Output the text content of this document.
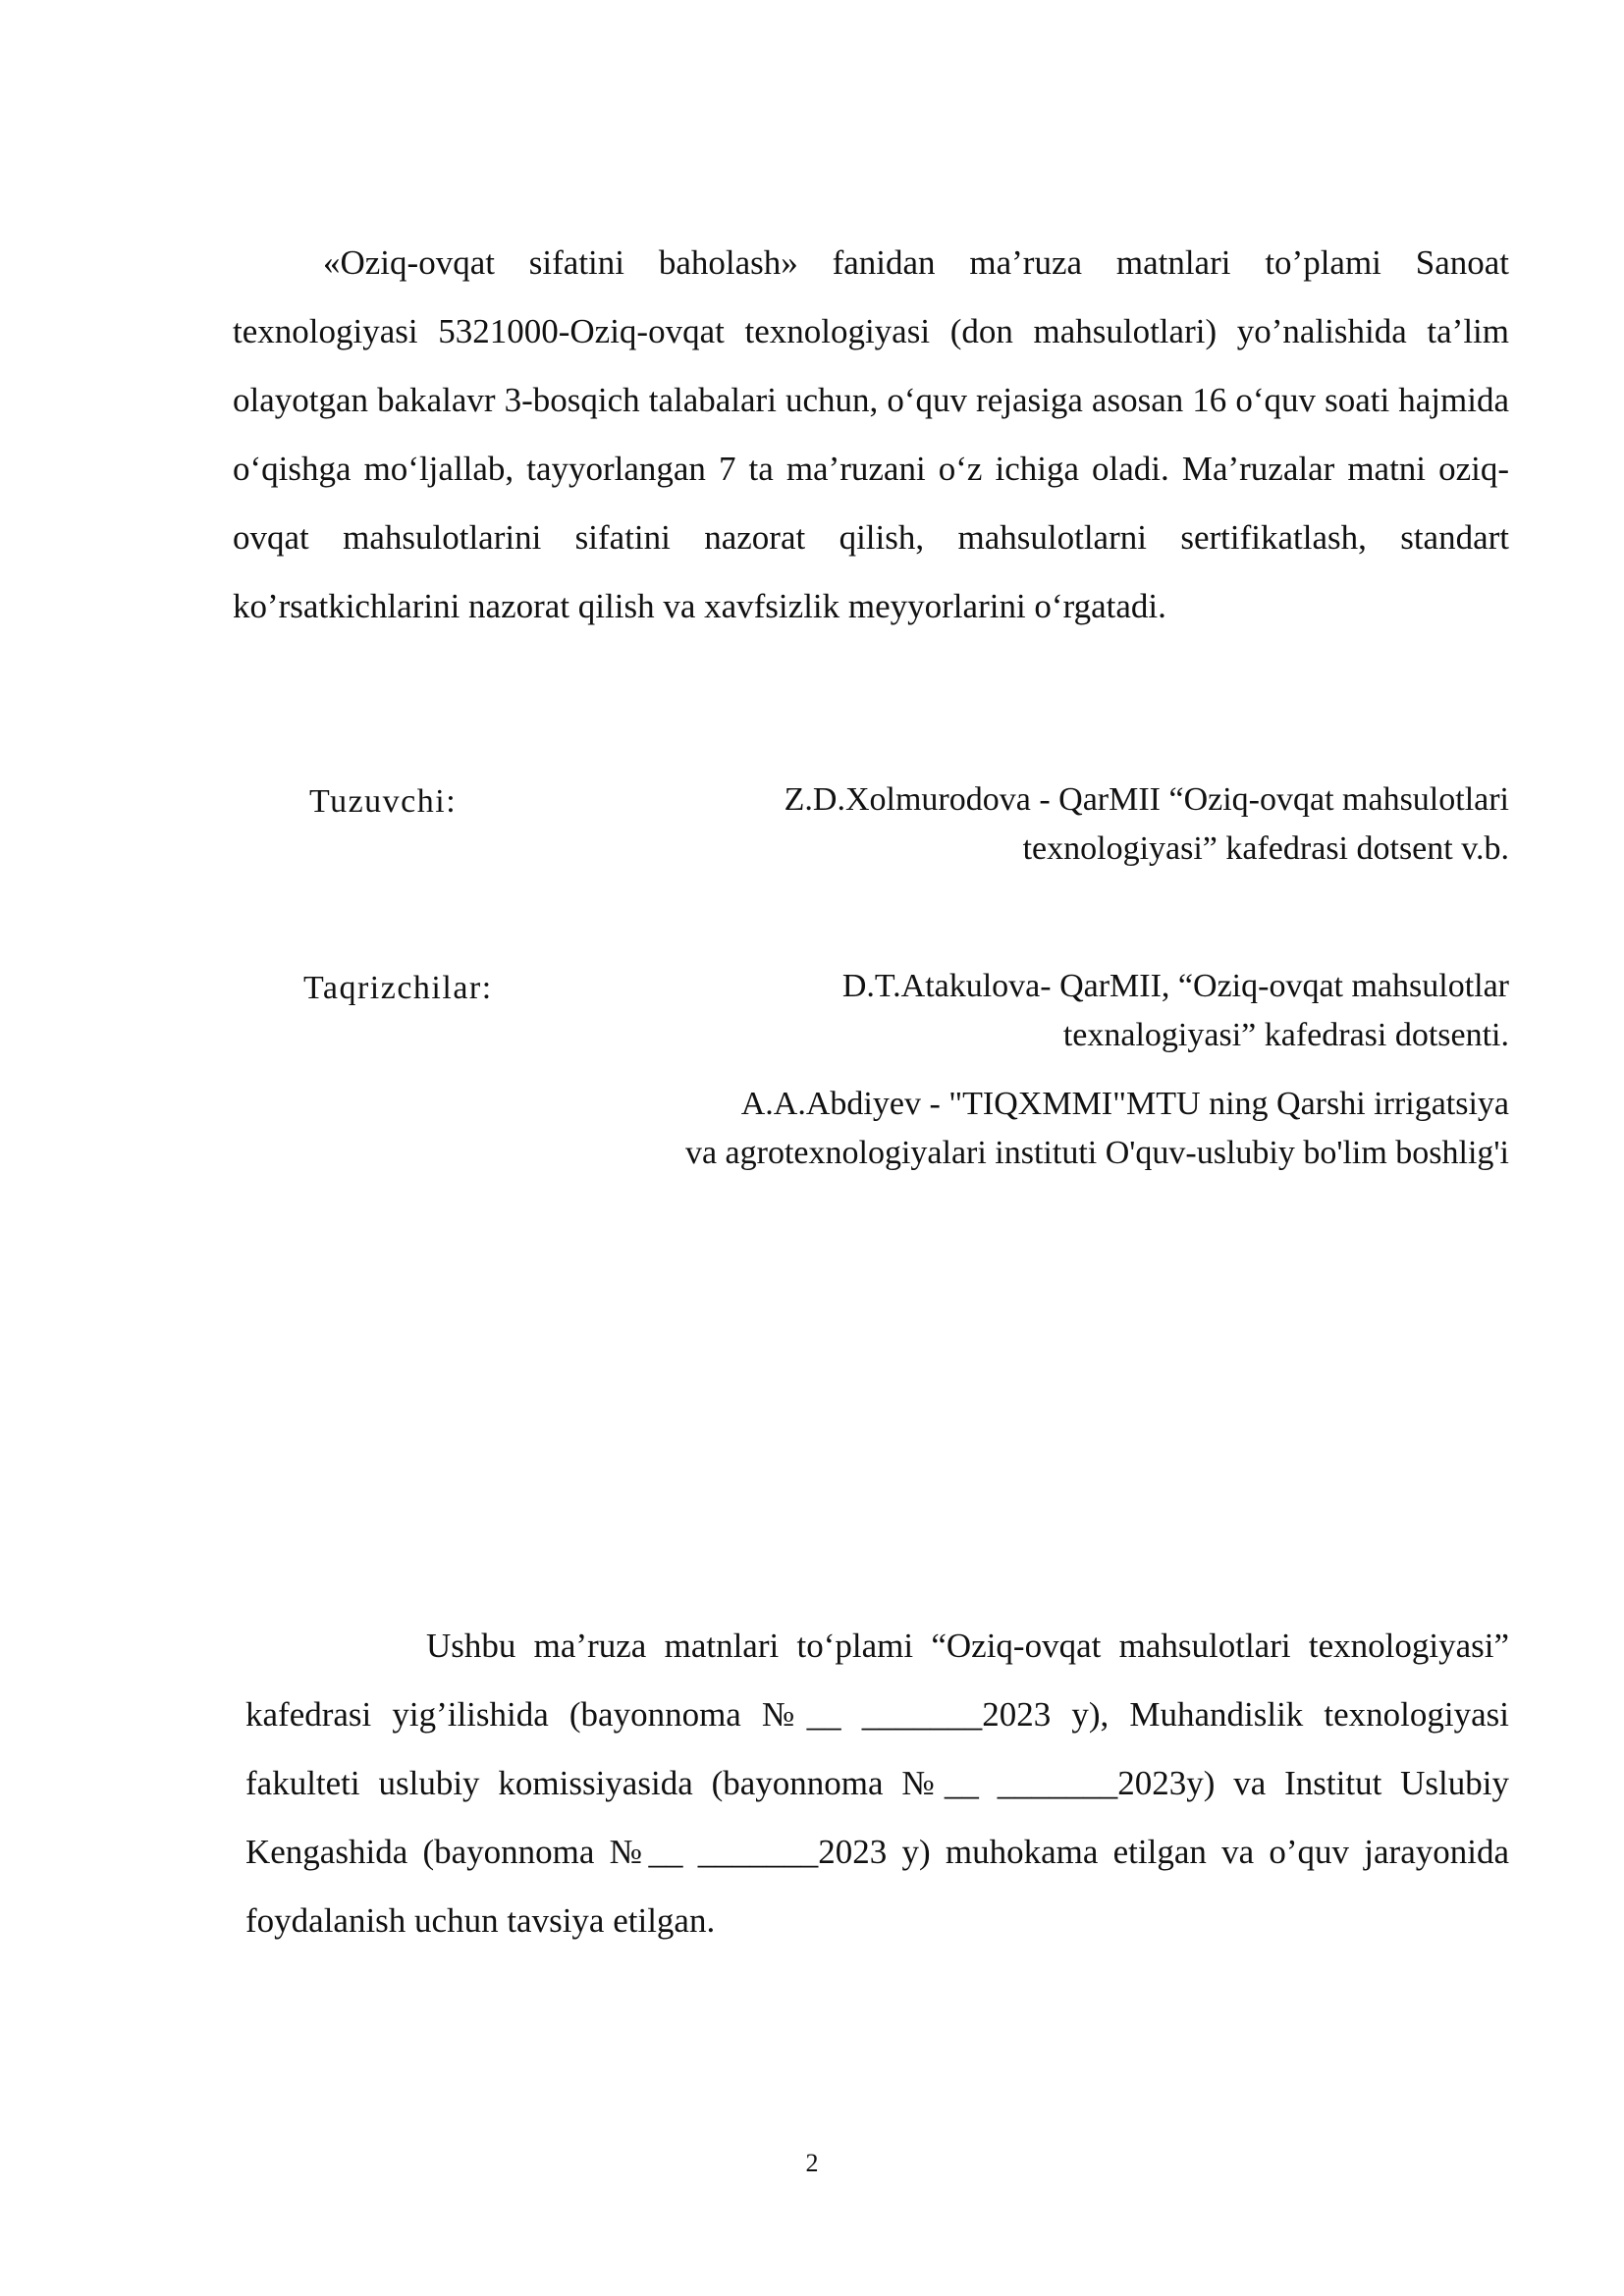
«Oziq-ovqat sifatini baholash» fanidan ma’ruza matnlari to’plami Sanoat texnologiyasi 5321000-Oziq-ovqat texnologiyasi (don mahsulotlari) yo’nalishida ta’lim olayotgan bakalavr 3-bosqich talabalari uchun, o‘quv rejasiga asosan 16 o‘quv soati hajmida o‘qishga mo‘ljallab, tayyorlangan 7 ta ma’ruzani o‘z ichiga oladi. Ma’ruzalar matni oziq-ovqat mahsulotlarini sifatini nazorat qilish, mahsulotlarni sertifikatlash, standart ko’rsatkichlarini nazorat qilish va xavfsizlik meyyorlarini o‘rgatadi.

Tuzuvchi:	Z.D.Xolmurodova - QarMII “Oziq-ovqat mahsulotlari
texnologiyasi” kafedrasi dotsent v.b.
Taqrizchilar:	D.T.Atakulova- QarMII, “Oziq-ovqat mahsulotlar
texnalogiyasi” kafedrasi dotsenti.
A.A.Abdiyev - "TIQXMMI"MTU ning Qarshi irrigatsiya
va agrotexnologiyalari instituti O'quv-uslubiy bo'lim boshlig'i

Ushbu ma’ruza matnlari to‘plami “Oziq-ovqat mahsulotlari texnologiyasi” kafedrasi yig’ilishida (bayonnoma №__ _______2023 y), Muhandislik texnologiyasi fakulteti uslubiy komissiyasida (bayonnoma №__ _______2023y) va Institut Uslubiy Kengashida (bayonnoma №__ _______2023 y) muhokama etilgan va o’quv jarayonida foydalanish uchun tavsiya etilgan.

2
